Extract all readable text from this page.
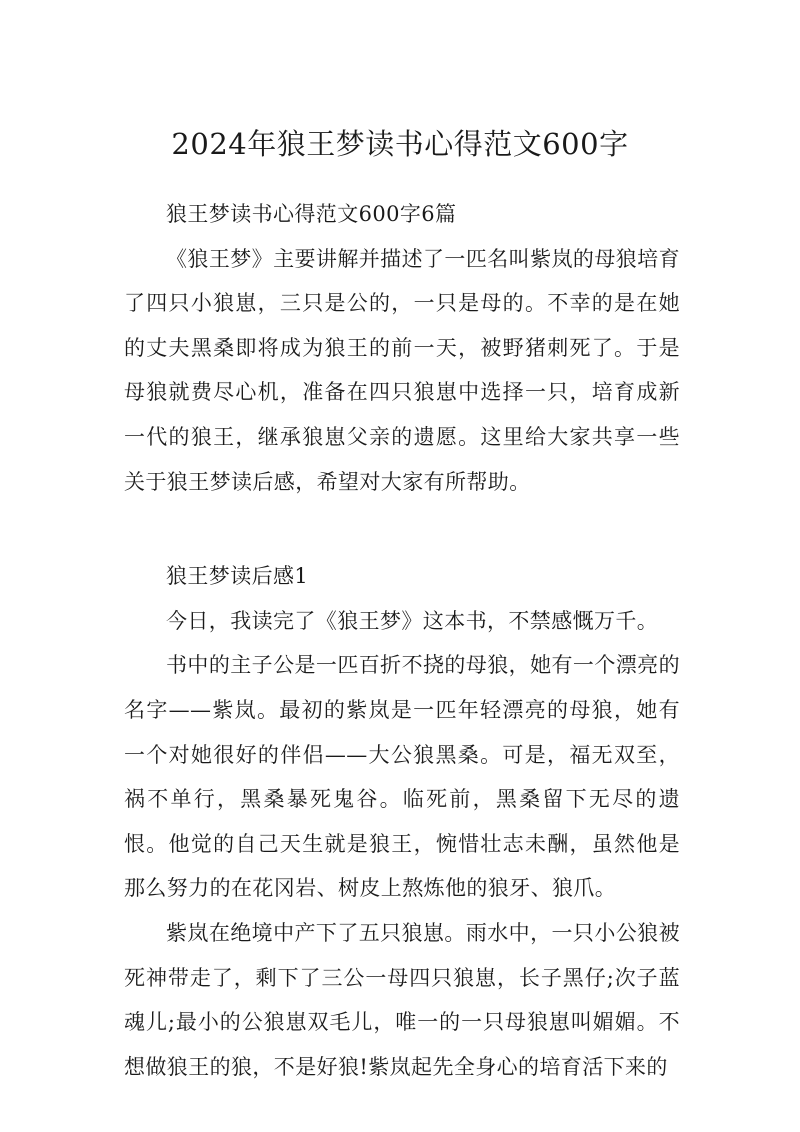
2024年狼王梦读书心得范文600字

狼王梦读书心得范文600字6篇

《狼王梦》主要讲解并描述了一匹名叫紫岚的母狼培育了四只小狼崽，三只是公的，一只是母的。不幸的是在她的丈夫黑桑即将成为狼王的前一天，被野猪刺死了。于是母狼就费尽心机，准备在四只狼崽中选择一只，培育成新一代的狼王，继承狼崽父亲的遗愿。这里给大家共享一些关于狼王梦读后感，希望对大家有所帮助。

狼王梦读后感1

今日，我读完了《狼王梦》这本书，不禁感慨万千。

书中的主子公是一匹百折不挠的母狼，她有一个漂亮的名字——紫岚。最初的紫岚是一匹年轻漂亮的母狼，她有一个对她很好的伴侣——大公狼黑桑。可是，福无双至，祸不单行，黑桑暴死鬼谷。临死前，黑桑留下无尽的遗恨。他觉的自己天生就是狼王，惋惜壮志未酬，虽然他是那么努力的在花冈岩、树皮上熬炼他的狼牙、狼爪。

紫岚在绝境中产下了五只狼崽。雨水中，一只小公狼被死神带走了，剩下了三公一母四只狼崽，长子黑仔;次子蓝魂儿;最小的公狼崽双毛儿，唯一的一只母狼崽叫媚媚。不想做狼王的狼，不是好狼!紫岚起先全身心的培育活下来的
